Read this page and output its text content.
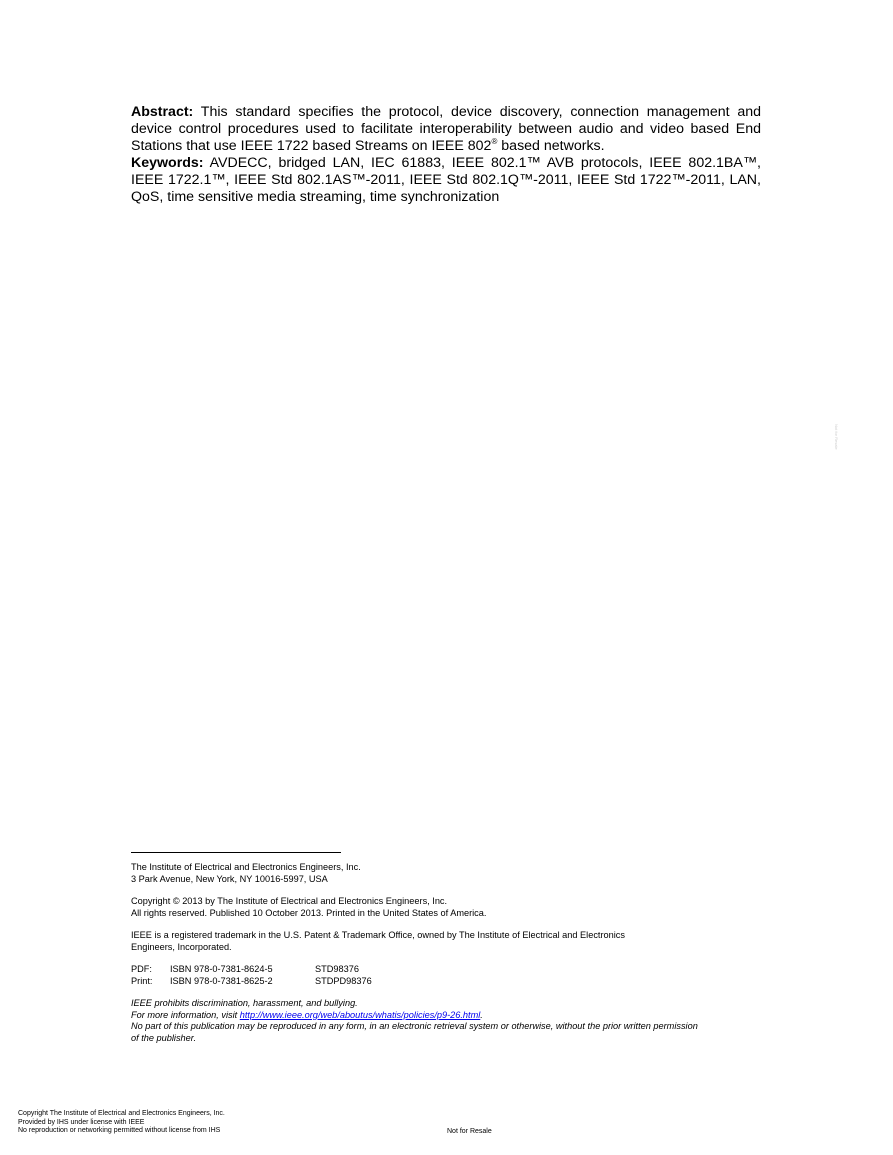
Abstract: This standard specifies the protocol, device discovery, connection management and device control procedures used to facilitate interoperability between audio and video based End Stations that use IEEE 1722 based Streams on IEEE 802® based networks.

Keywords: AVDECC, bridged LAN, IEC 61883, IEEE 802.1™ AVB protocols, IEEE 802.1BA™, IEEE 1722.1™, IEEE Std 802.1AS™-2011, IEEE Std 802.1Q™-2011, IEEE Std 1722™-2011, LAN, QoS, time sensitive media streaming, time synchronization

The Institute of Electrical and Electronics Engineers, Inc.

3 Park Avenue, New York, NY 10016-5997, USA

Copyright © 2013 by The Institute of Electrical and Electronics Engineers, Inc.

All rights reserved. Published 10 October 2013. Printed in the United States of America.

IEEE is a registered trademark in the U.S. Patent & Trademark Office, owned by The Institute of Electrical and Electronics

Engineers, Incorporated.

PDF:	ISBN 978-0-7381-8624-5	STD98376
Print:	ISBN 978-0-7381-8625-2	STDPD98376

IEEE prohibits discrimination, harassment, and bullying.

For more information, visit http://www.ieee.org/web/aboutus/whatis/policies/p9-26.html.

No part of this publication may be reproduced in any form, in an electronic retrieval system or otherwise, without the prior written permission

of the publisher.

Not for Resale

Copyright The Institute of Electrical and Electronics Engineers, Inc.

Provided by IHS under license with IEEE

No reproduction or networking permitted without license from IHS	Not for Resale
